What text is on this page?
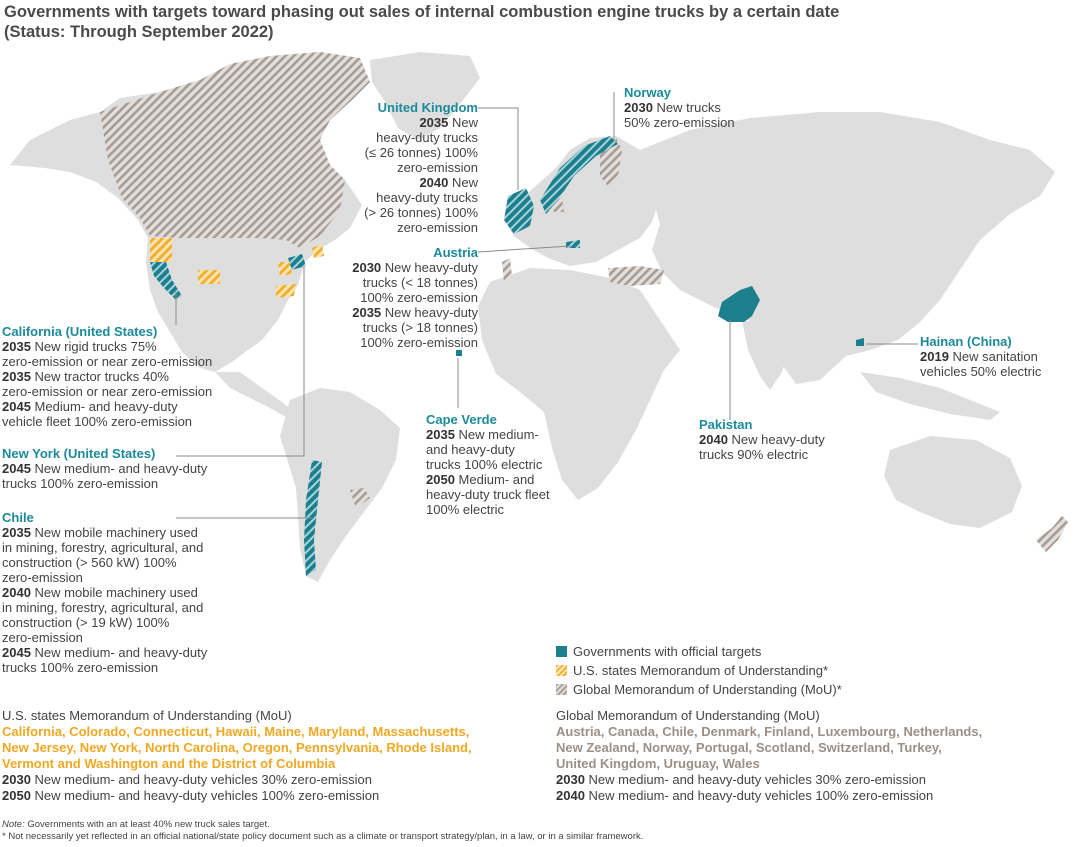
Governments with targets toward phasing out sales of internal combustion engine trucks by a certain date (Status: Through September 2022)
United Kingdom
2035 New
heavy-duty trucks
(≤ 26 tonnes) 100%
zero-emission
2040 New
heavy-duty trucks
(> 26 tonnes) 100%
zero-emission
Norway
2030 New trucks
50% zero-emission
Austria
2030 New heavy-duty
trucks (< 18 tonnes)
100% zero-emission
2035 New heavy-duty
trucks (> 18 tonnes)
100% zero-emission
California (United States)
2035 New rigid trucks 75%
zero-emission or near zero-emission
2035 New tractor trucks 40%
zero-emission or near zero-emission
2045 Medium- and heavy-duty
vehicle fleet 100% zero-emission
New York (United States)
2045 New medium- and heavy-duty
trucks 100% zero-emission
Chile
2035 New mobile machinery used
in mining, forestry, agricultural, and
construction (> 560 kW) 100%
zero-emission
2040 New mobile machinery used
in mining, forestry, agricultural, and
construction (> 19 kW) 100%
zero-emission
2045 New medium- and heavy-duty
trucks 100% zero-emission
Cape Verde
2035 New medium-
and heavy-duty
trucks 100% electric
2050 Medium- and
heavy-duty truck fleet
100% electric
Pakistan
2040 New heavy-duty
trucks 90% electric
Hainan (China)
2019 New sanitation
vehicles 50% electric
Governments with official targets
U.S. states Memorandum of Understanding*
Global Memorandum of Understanding (MoU)*
U.S. states Memorandum of Understanding (MoU)

California, Colorado, Connecticut, Hawaii, Maine, Maryland, Massachusetts,
New Jersey, New York, North Carolina, Oregon, Pennsylvania, Rhode Island,
Vermont and Washington and the District of Columbia
2030 New medium- and heavy-duty vehicles 30% zero-emission
2050 New medium- and heavy-duty vehicles 100% zero-emission
Global Memorandum of Understanding (MoU)

Austria, Canada, Chile, Denmark, Finland, Luxembourg, Netherlands,
New Zealand, Norway, Portugal, Scotland, Switzerland, Turkey,
United Kingdom, Uruguay, Wales
2030 New medium- and heavy-duty vehicles 30% zero-emission
2040 New medium- and heavy-duty vehicles 100% zero-emission
Note: Governments with an at least 40% new truck sales target.
* Not necessarily yet reflected in an official national/state policy document such as a climate or transport strategy/plan, in a law, or in a similar framework.
